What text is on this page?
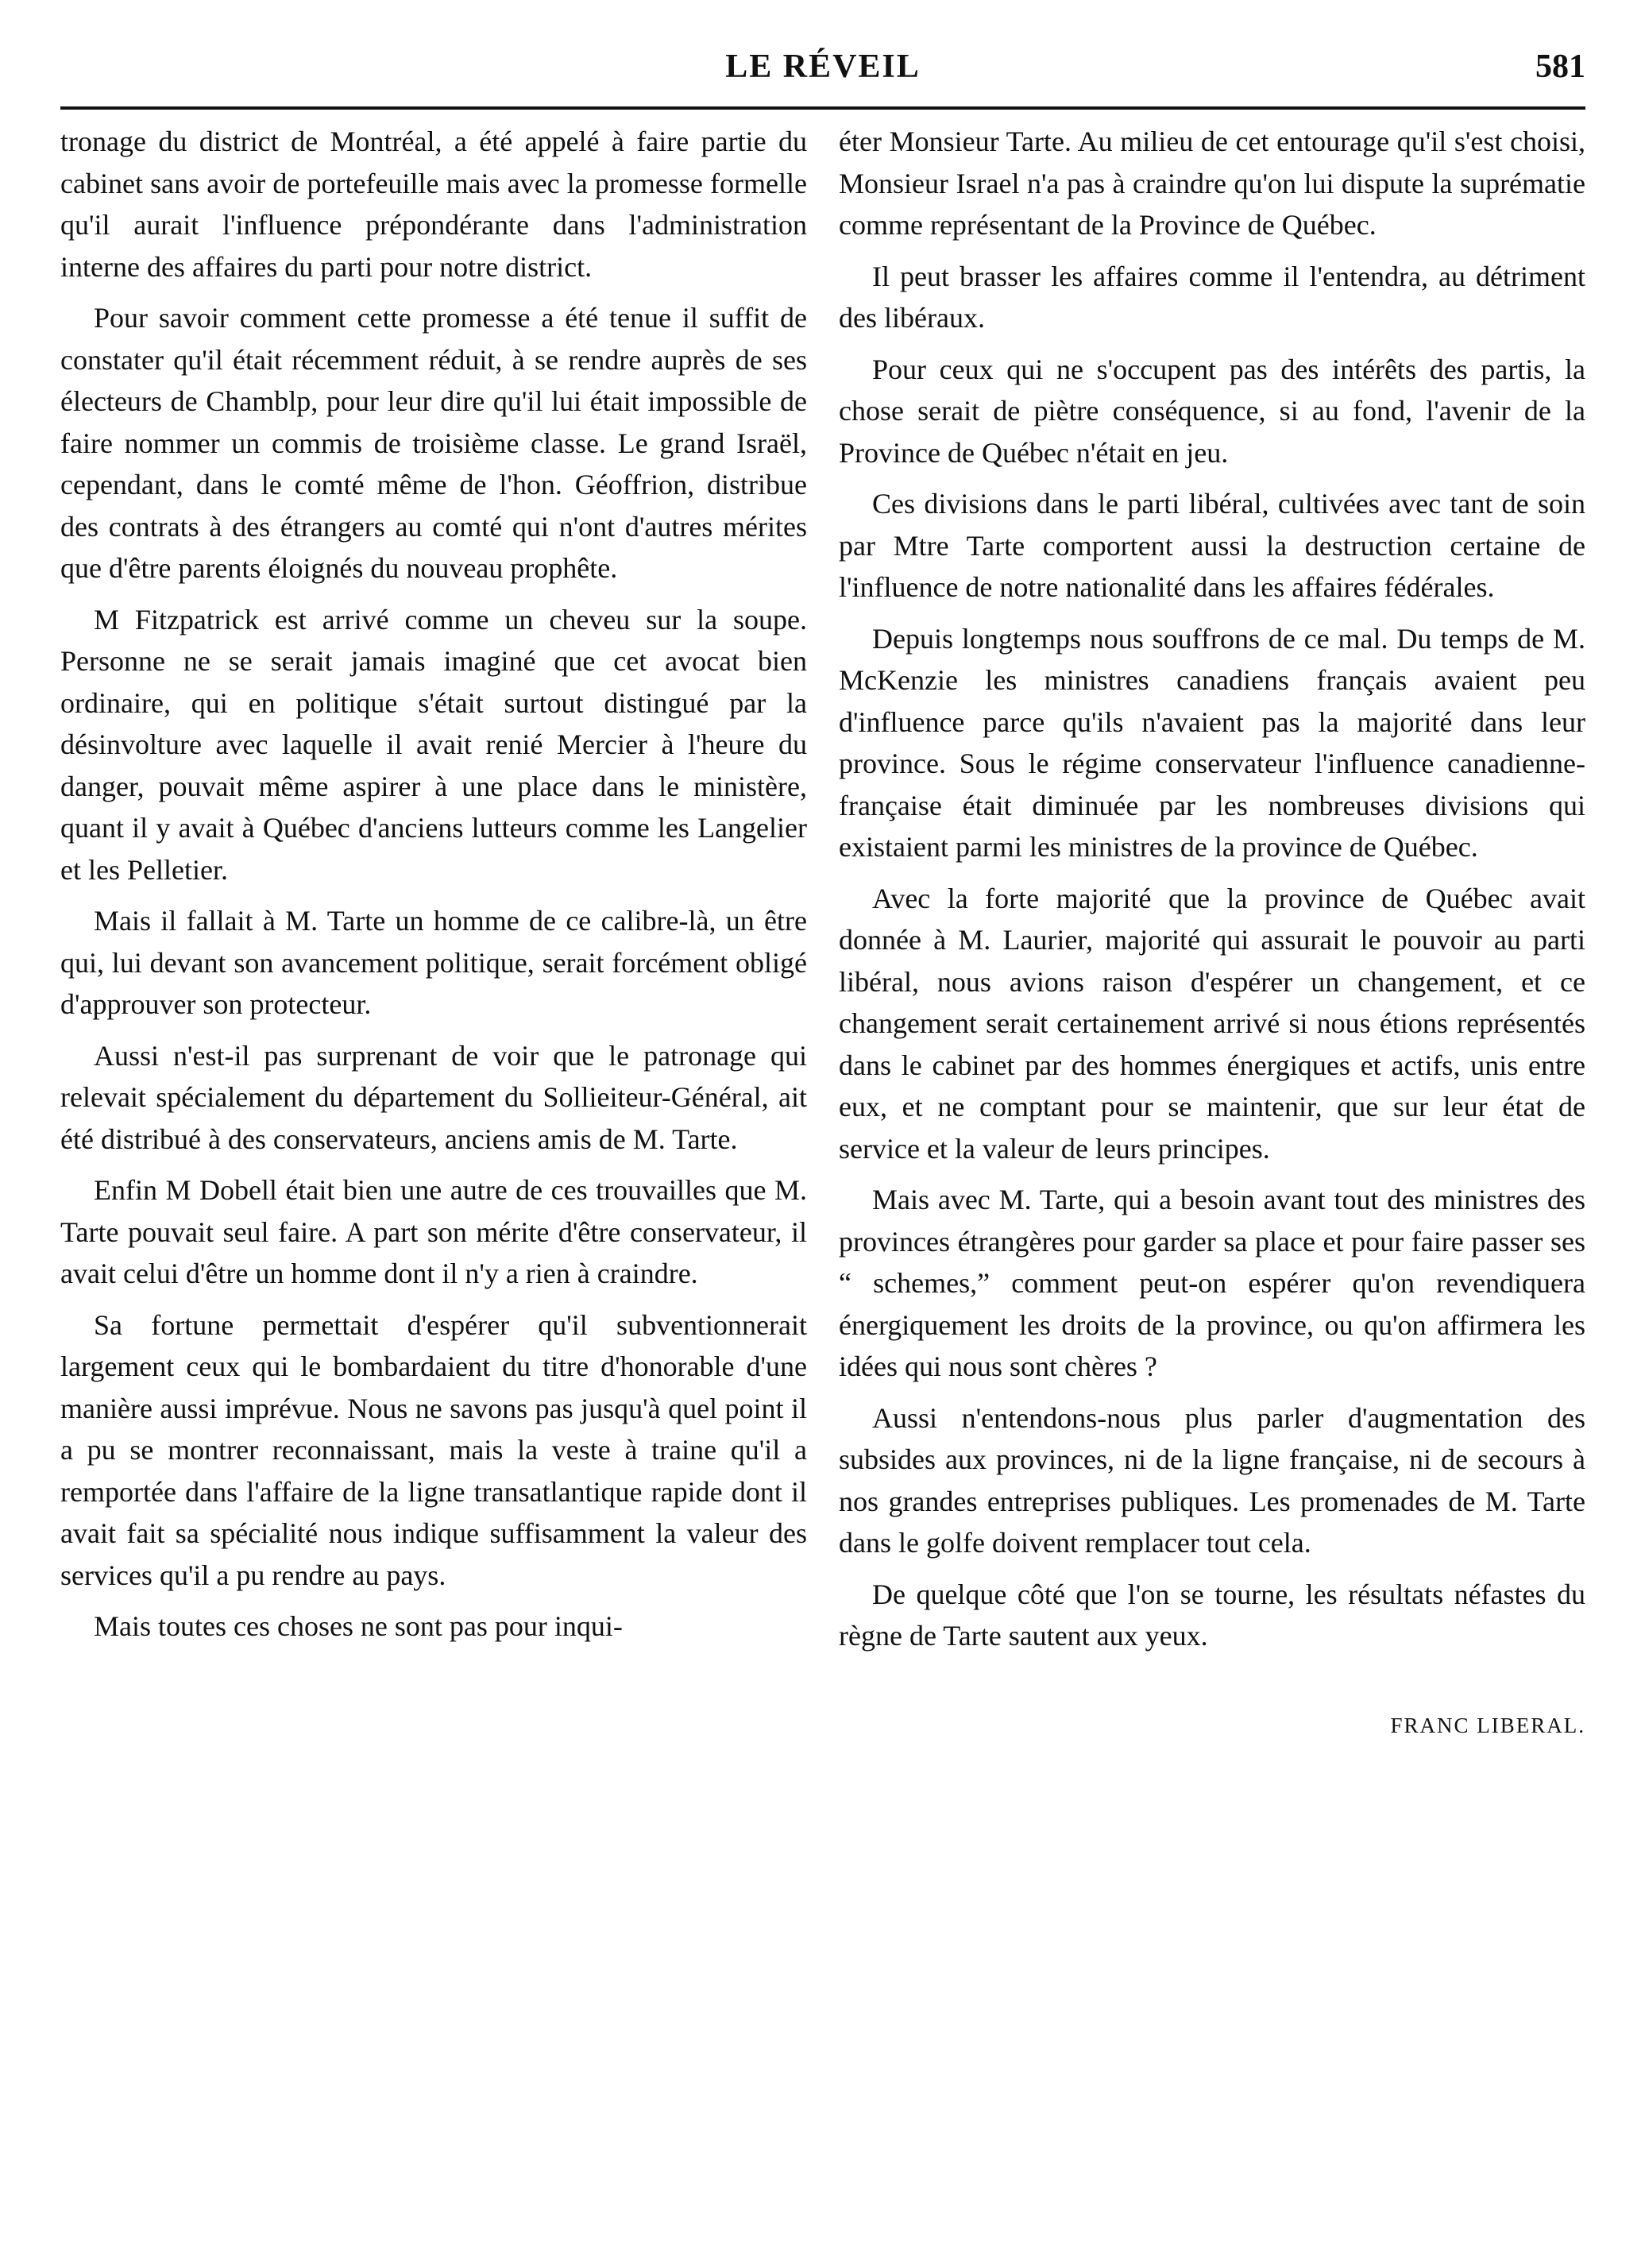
LE RÉVEIL	581

tronage du district de Montréal, a été appelé à faire partie du cabinet sans avoir de portefeuille mais avec la promesse formelle qu'il aurait l'influence prépondérante dans l'administration interne des affaires du parti pour notre district.

Pour savoir comment cette promesse a été tenue il suffit de constater qu'il était récemment réduit, à se rendre auprès de ses électeurs de Chamblp, pour leur dire qu'il lui était impossible de faire nommer un commis de troisième classe. Le grand Israël, cependant, dans le comté même de l'hon. Géoffrion, distribue des contrats à des étrangers au comté qui n'ont d'autres mérites que d'être parents éloignés du nouveau prophête.

M Fitzpatrick est arrivé comme un cheveu sur la soupe. Personne ne se serait jamais imaginé que cet avocat bien ordinaire, qui en politique s'était surtout distingué par la désinvolture avec laquelle il avait renié Mercier à l'heure du danger, pouvait même aspirer à une place dans le ministère, quant il y avait à Québec d'anciens lutteurs comme les Langelier et les Pelletier.

Mais il fallait à M. Tarte un homme de ce calibre-là, un être qui, lui devant son avancement politique, serait forcément obligé d'approuver son protecteur.

Aussi n'est-il pas surprenant de voir que le patronage qui relevait spécialement du département du Sollieiteur-Général, ait été distribué à des conservateurs, anciens amis de M. Tarte.

Enfin M Dobell était bien une autre de ces trouvailles que M. Tarte pouvait seul faire. A part son mérite d'être conservateur, il avait celui d'être un homme dont il n'y a rien à craindre.

Sa fortune permettait d'espérer qu'il subventionnerait largement ceux qui le bombardaient du titre d'honorable d'une manière aussi imprévue. Nous ne savons pas jusqu'à quel point il a pu se montrer reconnaissant, mais la veste à traine qu'il a remportée dans l'affaire de la ligne transatlantique rapide dont il avait fait sa spécialité nous indique suffisamment la valeur des services qu'il a pu rendre au pays.

Mais toutes ces choses ne sont pas pour inqui-

éter Monsieur Tarte. Au milieu de cet entourage qu'il s'est choisi, Monsieur Israel n'a pas à craindre qu'on lui dispute la suprématie comme représentant de la Province de Québec.

Il peut brasser les affaires comme il l'entendra, au détriment des libéraux.

Pour ceux qui ne s'occupent pas des intérêts des partis, la chose serait de piètre conséquence, si au fond, l'avenir de la Province de Québec n'était en jeu.

Ces divisions dans le parti libéral, cultivées avec tant de soin par Mtre Tarte comportent aussi la destruction certaine de l'influence de notre nationalité dans les affaires fédérales.

Depuis longtemps nous souffrons de ce mal. Du temps de M. McKenzie les ministres canadiens français avaient peu d'influence parce qu'ils n'avaient pas la majorité dans leur province. Sous le régime conservateur l'influence canadienne-française était diminuée par les nombreuses divisions qui existaient parmi les ministres de la province de Québec.

Avec la forte majorité que la province de Québec avait donnée à M. Laurier, majorité qui assurait le pouvoir au parti libéral, nous avions raison d'espérer un changement, et ce changement serait certainement arrivé si nous étions représentés dans le cabinet par des hommes énergiques et actifs, unis entre eux, et ne comptant pour se maintenir, que sur leur état de service et la valeur de leurs principes.

Mais avec M. Tarte, qui a besoin avant tout des ministres des provinces étrangères pour garder sa place et pour faire passer ses “ schemes,” comment peut-on espérer qu'on revendiquera énergiquement les droits de la province, ou qu'on affirmera les idées qui nous sont chères ?

Aussi n'entendons-nous plus parler d'augmentation des subsides aux provinces, ni de la ligne française, ni de secours à nos grandes entreprises publiques. Les promenades de M. Tarte dans le golfe doivent remplacer tout cela.

De quelque côté que l'on se tourne, les résultats néfastes du règne de Tarte sautent aux yeux.

FRANC LIBERAL.
